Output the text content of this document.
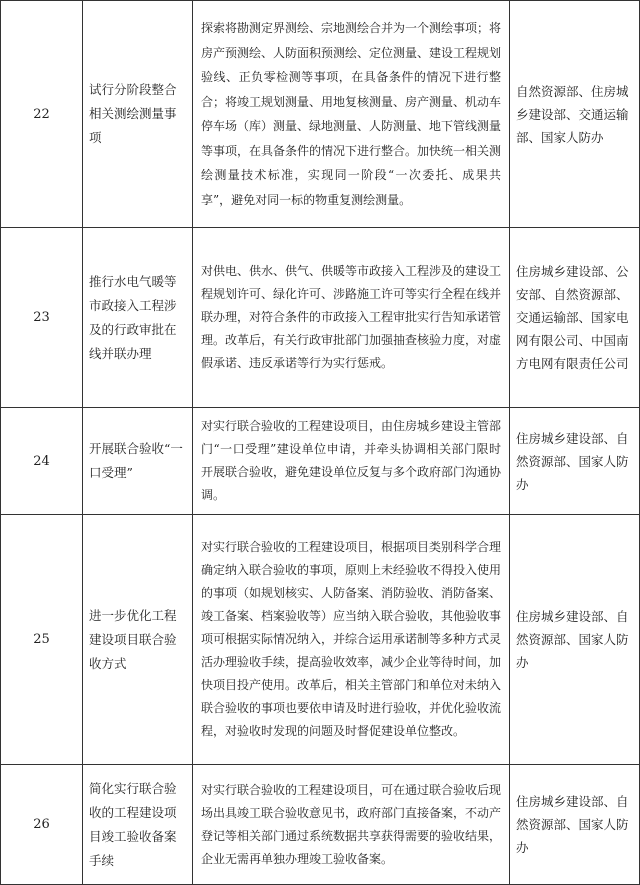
22	试行分阶段整合相关测绘测量事项	探索将勘测定界测绘、宗地测绘合并为一个测绘事项；将房产预测绘、人防面积预测绘、定位测量、建设工程规划验线、正负零检测等事项，在具备条件的情况下进行整合；将竣工规划测量、用地复核测量、房产测量、机动车停车场（库）测量、绿地测量、人防测量、地下管线测量等事项，在具备条件的情况下进行整合。加快统一相关测绘测量技术标准，实现同一阶段“一次委托、成果共享”，避免对同一标的物重复测绘测量。	自然资源部、住房城乡建设部、交通运输部、国家人防办
23	推行水电气暖等市政接入工程涉及的行政审批在线并联办理	对供电、供水、供气、供暖等市政接入工程涉及的建设工程规划许可、绿化许可、涉路施工许可等实行全程在线并联办理，对符合条件的市政接入工程审批实行告知承诺管理。改革后，有关行政审批部门加强抽查核验力度，对虚假承诺、违反承诺等行为实行惩戒。	住房城乡建设部、公安部、自然资源部、交通运输部、国家电网有限公司、中国南方电网有限责任公司
24	开展联合验收“一口受理”	对实行联合验收的工程建设项目，由住房城乡建设主管部门“一口受理”建设单位申请，并牵头协调相关部门限时开展联合验收，避免建设单位反复与多个政府部门沟通协调。	住房城乡建设部、自然资源部、国家人防办
25	进一步优化工程建设项目联合验收方式	对实行联合验收的工程建设项目，根据项目类别科学合理确定纳入联合验收的事项，原则上未经验收不得投入使用的事项（如规划核实、人防备案、消防验收、消防备案、竣工备案、档案验收等）应当纳入联合验收，其他验收事项可根据实际情况纳入，并综合运用承诺制等多种方式灵活办理验收手续，提高验收效率，减少企业等待时间，加快项目投产使用。改革后，相关主管部门和单位对未纳入联合验收的事项也要依申请及时进行验收，并优化验收流程，对验收时发现的问题及时督促建设单位整改。	住房城乡建设部、自然资源部、国家人防办
26	简化实行联合验收的工程建设项目竣工验收备案手续	对实行联合验收的工程建设项目，可在通过联合验收后现场出具竣工联合验收意见书，政府部门直接备案，不动产登记等相关部门通过系统数据共享获得需要的验收结果，企业无需再单独办理竣工验收备案。	住房城乡建设部、自然资源部、国家人防办
